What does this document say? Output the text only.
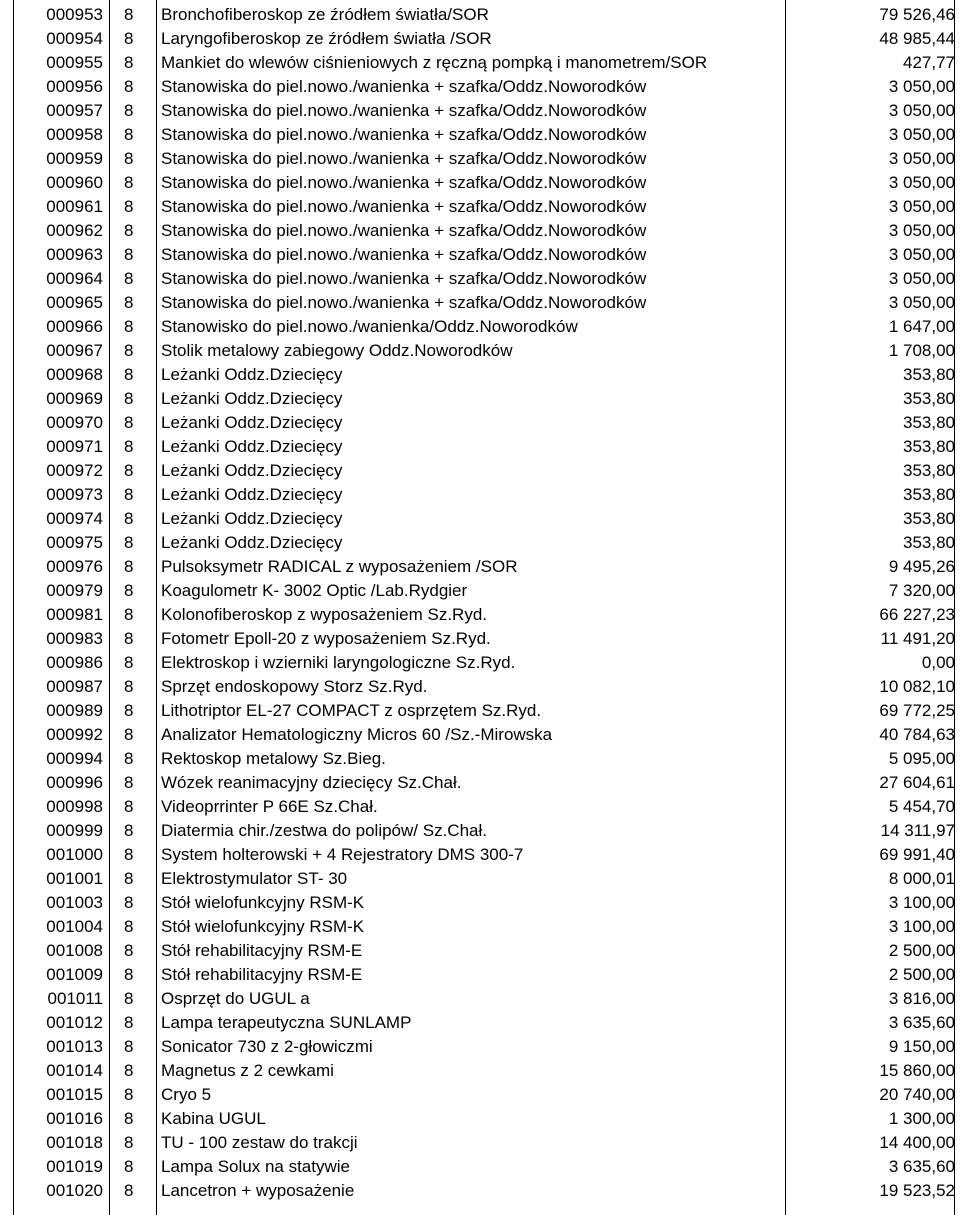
000953	8	Bronchofiberoskop ze źródłem światła/SOR	79 526,46
000954	8	Laryngofiberoskop ze źródłem światła /SOR	48 985,44
000955	8	Mankiet do wlewów ciśnieniowych z ręczną pompką i manometrem/SOR	427,77
000956	8	Stanowiska do piel.nowo./wanienka + szafka/Oddz.Noworodków	3 050,00
000957	8	Stanowiska do piel.nowo./wanienka + szafka/Oddz.Noworodków	3 050,00
000958	8	Stanowiska do piel.nowo./wanienka + szafka/Oddz.Noworodków	3 050,00
000959	8	Stanowiska do piel.nowo./wanienka + szafka/Oddz.Noworodków	3 050,00
000960	8	Stanowiska do piel.nowo./wanienka + szafka/Oddz.Noworodków	3 050,00
000961	8	Stanowiska do piel.nowo./wanienka + szafka/Oddz.Noworodków	3 050,00
000962	8	Stanowiska do piel.nowo./wanienka + szafka/Oddz.Noworodków	3 050,00
000963	8	Stanowiska do piel.nowo./wanienka + szafka/Oddz.Noworodków	3 050,00
000964	8	Stanowiska do piel.nowo./wanienka + szafka/Oddz.Noworodków	3 050,00
000965	8	Stanowiska do piel.nowo./wanienka + szafka/Oddz.Noworodków	3 050,00
000966	8	Stanowisko do piel.nowo./wanienka/Oddz.Noworodków	1 647,00
000967	8	Stolik metalowy zabiegowy Oddz.Noworodków	1 708,00
000968	8	Leżanki Oddz.Dziecięcy	353,80
000969	8	Leżanki Oddz.Dziecięcy	353,80
000970	8	Leżanki Oddz.Dziecięcy	353,80
000971	8	Leżanki Oddz.Dziecięcy	353,80
000972	8	Leżanki Oddz.Dziecięcy	353,80
000973	8	Leżanki Oddz.Dziecięcy	353,80
000974	8	Leżanki Oddz.Dziecięcy	353,80
000975	8	Leżanki Oddz.Dziecięcy	353,80
000976	8	Pulsoksymetr RADICAL z wyposażeniem /SOR	9 495,26
000979	8	Koagulometr K- 3002 Optic /Lab.Rydgier	7 320,00
000981	8	Kolonofiberoskop z wyposażeniem Sz.Ryd.	66 227,23
000983	8	Fotometr Epoll-20 z wyposażeniem Sz.Ryd.	11 491,20
000986	8	Elektroskop i wzierniki laryngologiczne Sz.Ryd.	0,00
000987	8	Sprzęt endoskopowy Storz Sz.Ryd.	10 082,10
000989	8	Lithotriptor EL-27 COMPACT z osprzętem Sz.Ryd.	69 772,25
000992	8	Analizator Hematologiczny Micros 60 /Sz.-Mirowska	40 784,63
000994	8	Rektoskop metalowy Sz.Bieg.	5 095,00
000996	8	Wózek reanimacyjny dziecięcy Sz.Chał.	27 604,61
000998	8	Videoprrinter P 66E Sz.Chał.	5 454,70
000999	8	Diatermia chir./zestwa do polipów/ Sz.Chał.	14 311,97
001000	8	System holterowski + 4 Rejestratory DMS 300-7	69 991,40
001001	8	Elektrostymulator ST- 30	8 000,01
001003	8	Stół wielofunkcyjny RSM-K	3 100,00
001004	8	Stół wielofunkcyjny RSM-K	3 100,00
001008	8	Stół rehabilitacyjny RSM-E	2 500,00
001009	8	Stół rehabilitacyjny RSM-E	2 500,00
001011	8	Osprzęt do UGUL a	3 816,00
001012	8	Lampa terapeutyczna SUNLAMP	3 635,60
001013	8	Sonicator 730 z 2-głowiczmi	9 150,00
001014	8	Magnetus z 2 cewkami	15 860,00
001015	8	Cryo 5	20 740,00
001016	8	Kabina UGUL	1 300,00
001018	8	TU - 100 zestaw do trakcji	14 400,00
001019	8	Lampa Solux na statywie	3 635,60
001020	8	Lancetron + wyposażenie	19 523,52
